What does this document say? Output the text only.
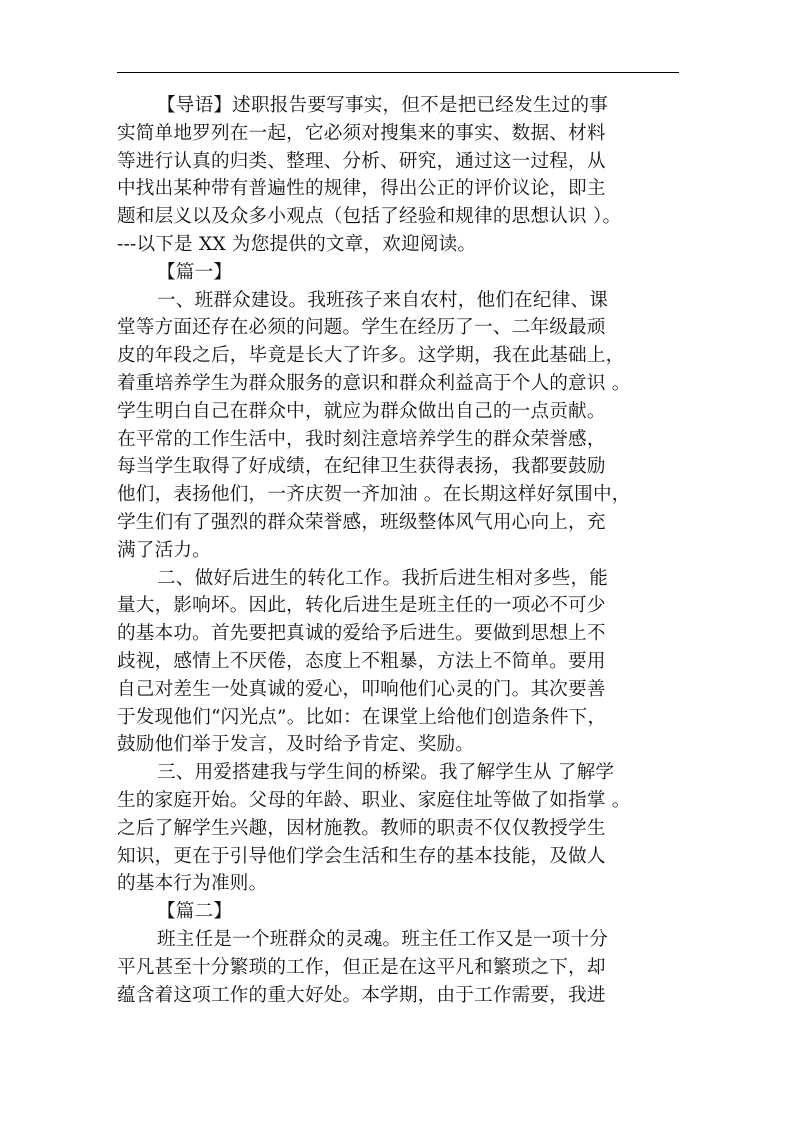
【导语】述职报告要写事实，但不是把已经发生过的事
实简单地罗列在一起，它必须对搜集来的事实、数据、材料
等进行认真的归类、整理、分析、研究，通过这一过程，从
中找出某种带有普遍性的规律，得出公正的评价议论，即主
题和层义以及众多小观点（包括了经验和规律的思想认识 ）。
---以下是 XX 为您提供的文章，欢迎阅读。
【篇一】
一、班群众建设。我班孩子来自农村，他们在纪律、课
堂等方面还存在必须的问题。学生在经历了一、二年级最顽
皮的年段之后，毕竟是长大了许多。这学期，我在此基础上，
着重培养学生为群众服务的意识和群众利益高于个人的意识 。
学生明白自己在群众中，就应为群众做出自己的一点贡献。
在平常的工作生活中，我时刻注意培养学生的群众荣誉感，
每当学生取得了好成绩，在纪律卫生获得表扬，我都要鼓励
他们，表扬他们，一齐庆贺一齐加油 。在长期这样好氛围中，
学生们有了强烈的群众荣誉感，班级整体风气用心向上，充
满了活力。
二、做好后进生的转化工作。我折后进生相对多些，能
量大，影响坏。因此，转化后进生是班主任的一项必不可少
的基本功。首先要把真诚的爱给予后进生。要做到思想上不
歧视，感情上不厌倦，态度上不粗暴，方法上不简单。要用
自己对差生一处真诚的爱心，叩响他们心灵的门。其次要善
于发现他们“闪光点”。比如：在课堂上给他们创造条件下，
鼓励他们举于发言，及时给予肯定、奖励。
三、用爱搭建我与学生间的桥梁。我了解学生从 了解学
生的家庭开始。父母的年龄、职业、家庭住址等做了如指掌 。
之后了解学生兴趣，因材施教。教师的职责不仅仅教授学生
知识，更在于引导他们学会生活和生存的基本技能，及做人
的基本行为准则。
【篇二】
班主任是一个班群众的灵魂。班主任工作又是一项十分
平凡甚至十分繁琐的工作，但正是在这平凡和繁琐之下，却
蕴含着这项工作的重大好处。本学期，由于工作需要，我进
